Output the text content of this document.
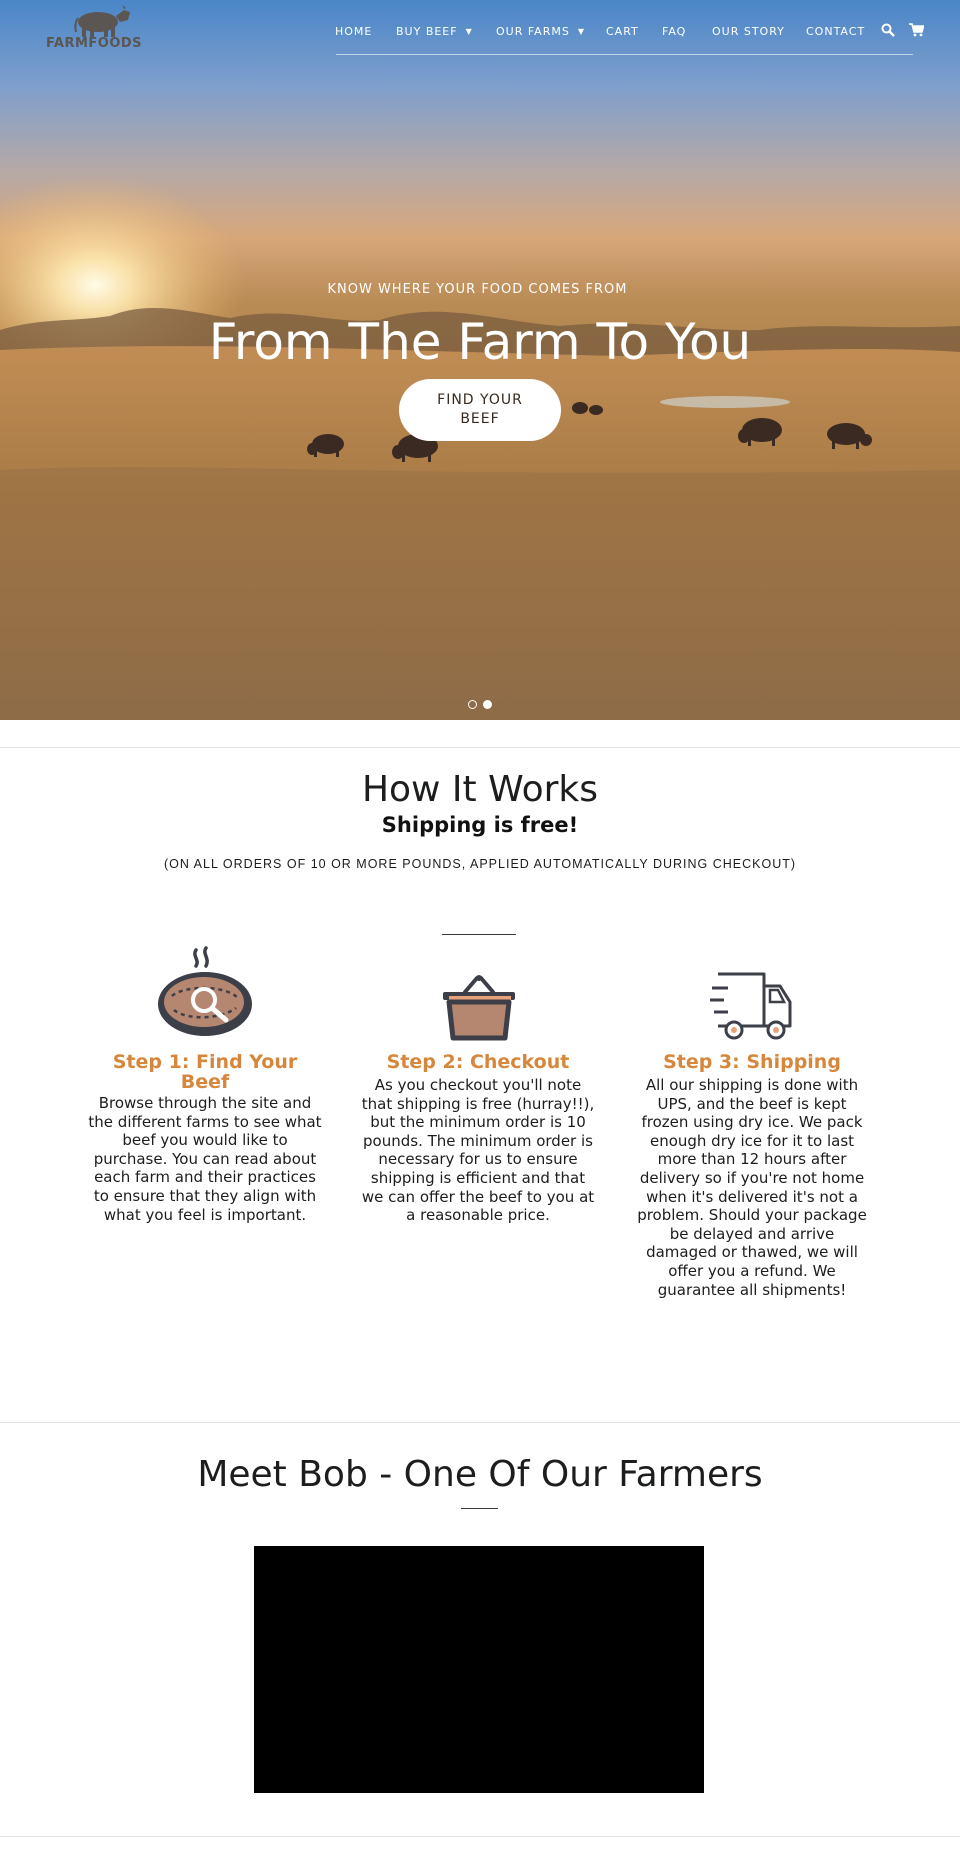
FARMFOODS
HOME BUY BEEF ▼ OUR FARMS ▼ CART FAQ OUR STORY CONTACT
KNOW WHERE YOUR FOOD COMES FROM
From The Farm To You
FIND YOUR BEEF
How It Works
Shipping is free!
(ON ALL ORDERS OF 10 OR MORE POUNDS, APPLIED AUTOMATICALLY DURING CHECKOUT)
Step 1: Find Your
Beef
Browse through the site and
the different farms to see what
beef you would like to
purchase. You can read about
each farm and their practices
to ensure that they align with
what you feel is important.
Step 2: Checkout
As you checkout you'll note
that shipping is free (hurray!!),
but the minimum order is 10
pounds. The minimum order is
necessary for us to ensure
shipping is efficient and that
we can offer the beef to you at
a reasonable price.
Step 3: Shipping
All our shipping is done with
UPS, and the beef is kept
frozen using dry ice. We pack
enough dry ice for it to last
more than 12 hours after
delivery so if you're not home
when it's delivered it's not a
problem. Should your package
be delayed and arrive
damaged or thawed, we will
offer you a refund. We
guarantee all shipments!
Meet Bob - One Of Our Farmers
